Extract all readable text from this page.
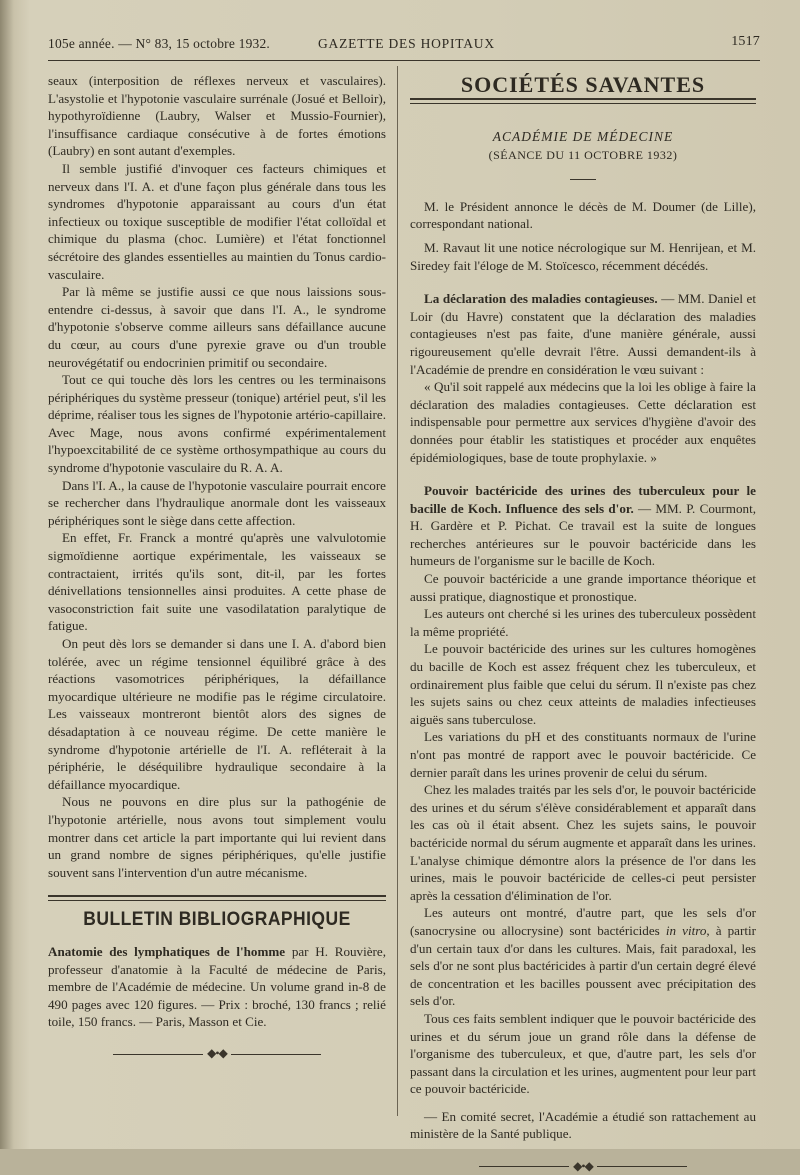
105e année. — N° 83, 15 octobre 1932.	GAZETTE DES HOPITAUX	1517

seaux (interposition de réflexes nerveux et vasculaires). L'asystolie et l'hypotonie vasculaire surrénale (Josué et Belloir), hypothyroïdienne (Laubry, Walser et Mussio-Fournier), l'insuffisance cardiaque consécutive à de fortes émotions (Laubry) en sont autant d'exemples.

Il semble justifié d'invoquer ces facteurs chimiques et nerveux dans l'I. A. et d'une façon plus générale dans tous les syndromes d'hypotonie apparaissant au cours d'un état infectieux ou toxique susceptible de modifier l'état colloïdal et chimique du plasma (choc. Lumière) et l'état fonctionnel sécrétoire des glandes essentielles au maintien du Tonus cardio-vasculaire.

Par là même se justifie aussi ce que nous laissions sous-entendre ci-dessus, à savoir que dans l'I. A., le syndrome d'hypotonie s'observe comme ailleurs sans défaillance aucune du cœur, au cours d'une pyrexie grave ou d'un trouble neurovégétatif ou endocrinien primitif ou secondaire.

Tout ce qui touche dès lors les centres ou les terminaisons périphériques du système presseur (tonique) artériel peut, s'il les déprime, réaliser tous les signes de l'hypotonie artério-capillaire. Avec Mage, nous avons confirmé expérimentalement l'hypoexcitabilité de ce système orthosympathique au cours du syndrome d'hypotonie vasculaire du R. A. A.

Dans l'I. A., la cause de l'hypotonie vasculaire pourrait encore se rechercher dans l'hydraulique anormale dont les vaisseaux périphériques sont le siège dans cette affection.

En effet, Fr. Franck a montré qu'après une valvulotomie sigmoïdienne aortique expérimentale, les vaisseaux se contractaient, irrités qu'ils sont, dit-il, par les fortes dénivellations tensionnelles ainsi produites. A cette phase de vasoconstriction fait suite une vasodilatation paralytique de fatigue.

On peut dès lors se demander si dans une I. A. d'abord bien tolérée, avec un régime tensionnel équilibré grâce à des réactions vasomotrices périphériques, la défaillance myocardique ultérieure ne modifie pas le régime circulatoire. Les vaisseaux montreront bientôt alors des signes de désadaptation à ce nouveau régime. De cette manière le syndrome d'hypotonie artérielle de l'I. A. refléterait à la périphérie, le déséquilibre hydraulique secondaire à la défaillance myocardique.

Nous ne pouvons en dire plus sur la pathogénie de l'hypotonie artérielle, nous avons tout simplement voulu montrer dans cet article la part importante qui lui revient dans un grand nombre de signes périphériques, qu'elle justifie souvent sans l'intervention d'un autre mécanisme.

BULLETIN BIBLIOGRAPHIQUE

Anatomie des lymphatiques de l'homme par H. Rouvière, professeur d'anatomie à la Faculté de médecine de Paris, membre de l'Académie de médecine. Un volume grand in-8 de 490 pages avec 120 figures. — Prix : broché, 130 francs ; relié toile, 150 francs. — Paris, Masson et Cie.

◆•◆
SOCIÉTÉS SAVANTES
ACADÉMIE DE MÉDECINE
(SÉANCE DU 11 OCTOBRE 1932)

M. le Président annonce le décès de M. Doumer (de Lille), correspondant national.

M. Ravaut lit une notice nécrologique sur M. Henrijean, et M. Siredey fait l'éloge de M. Stoïcesco, récemment décédés.

La déclaration des maladies contagieuses. — MM. Daniel et Loir (du Havre) constatent que la déclaration des maladies contagieuses n'est pas faite, d'une manière générale, aussi rigoureusement qu'elle devrait l'être. Aussi demandent-ils à l'Académie de prendre en considération le vœu suivant :

« Qu'il soit rappelé aux médecins que la loi les oblige à faire la déclaration des maladies contagieuses. Cette déclaration est indispensable pour permettre aux services d'hygiène d'avoir des données pour établir les statistiques et procéder aux enquêtes épidémiologiques, base de toute prophylaxie. »

Pouvoir bactéricide des urines des tuberculeux pour le bacille de Koch. Influence des sels d'or. — MM. P. Courmont, H. Gardère et P. Pichat. Ce travail est la suite de longues recherches antérieures sur le pouvoir bactéricide dans les humeurs de l'organisme sur le bacille de Koch.

Ce pouvoir bactéricide a une grande importance théorique et aussi pratique, diagnostique et pronostique.

Les auteurs ont cherché si les urines des tuberculeux possèdent la même propriété.

Le pouvoir bactéricide des urines sur les cultures homogènes du bacille de Koch est assez fréquent chez les tuberculeux, et ordinairement plus faible que celui du sérum. Il n'existe pas chez les sujets sains ou chez ceux atteints de maladies infectieuses aiguës sans tuberculose.

Les variations du pH et des constituants normaux de l'urine n'ont pas montré de rapport avec le pouvoir bactéricide. Ce dernier paraît dans les urines provenir de celui du sérum.

Chez les malades traités par les sels d'or, le pouvoir bactéricide des urines et du sérum s'élève considérablement et apparaît dans les cas où il était absent. Chez les sujets sains, le pouvoir bactéricide normal du sérum augmente et apparaît dans les urines. L'analyse chimique démontre alors la présence de l'or dans les urines, mais le pouvoir bactéricide de celles-ci peut persister après la cessation d'élimination de l'or.

Les auteurs ont montré, d'autre part, que les sels d'or (sanocrysine ou allocrysine) sont bactéricides in vitro, à partir d'un certain taux d'or dans les cultures. Mais, fait paradoxal, les sels d'or ne sont plus bactéricides à partir d'un certain degré élevé de concentration et les bacilles poussent avec précipitation des sels d'or.

Tous ces faits semblent indiquer que le pouvoir bactéricide des urines et du sérum joue un grand rôle dans la défense de l'organisme des tuberculeux, et que, d'autre part, les sels d'or passant dans la circulation et les urines, augmentent pour leur part ce pouvoir bactéricide.

— En comité secret, l'Académie a étudié son rattachement au ministère de la Santé publique.

◆•◆
